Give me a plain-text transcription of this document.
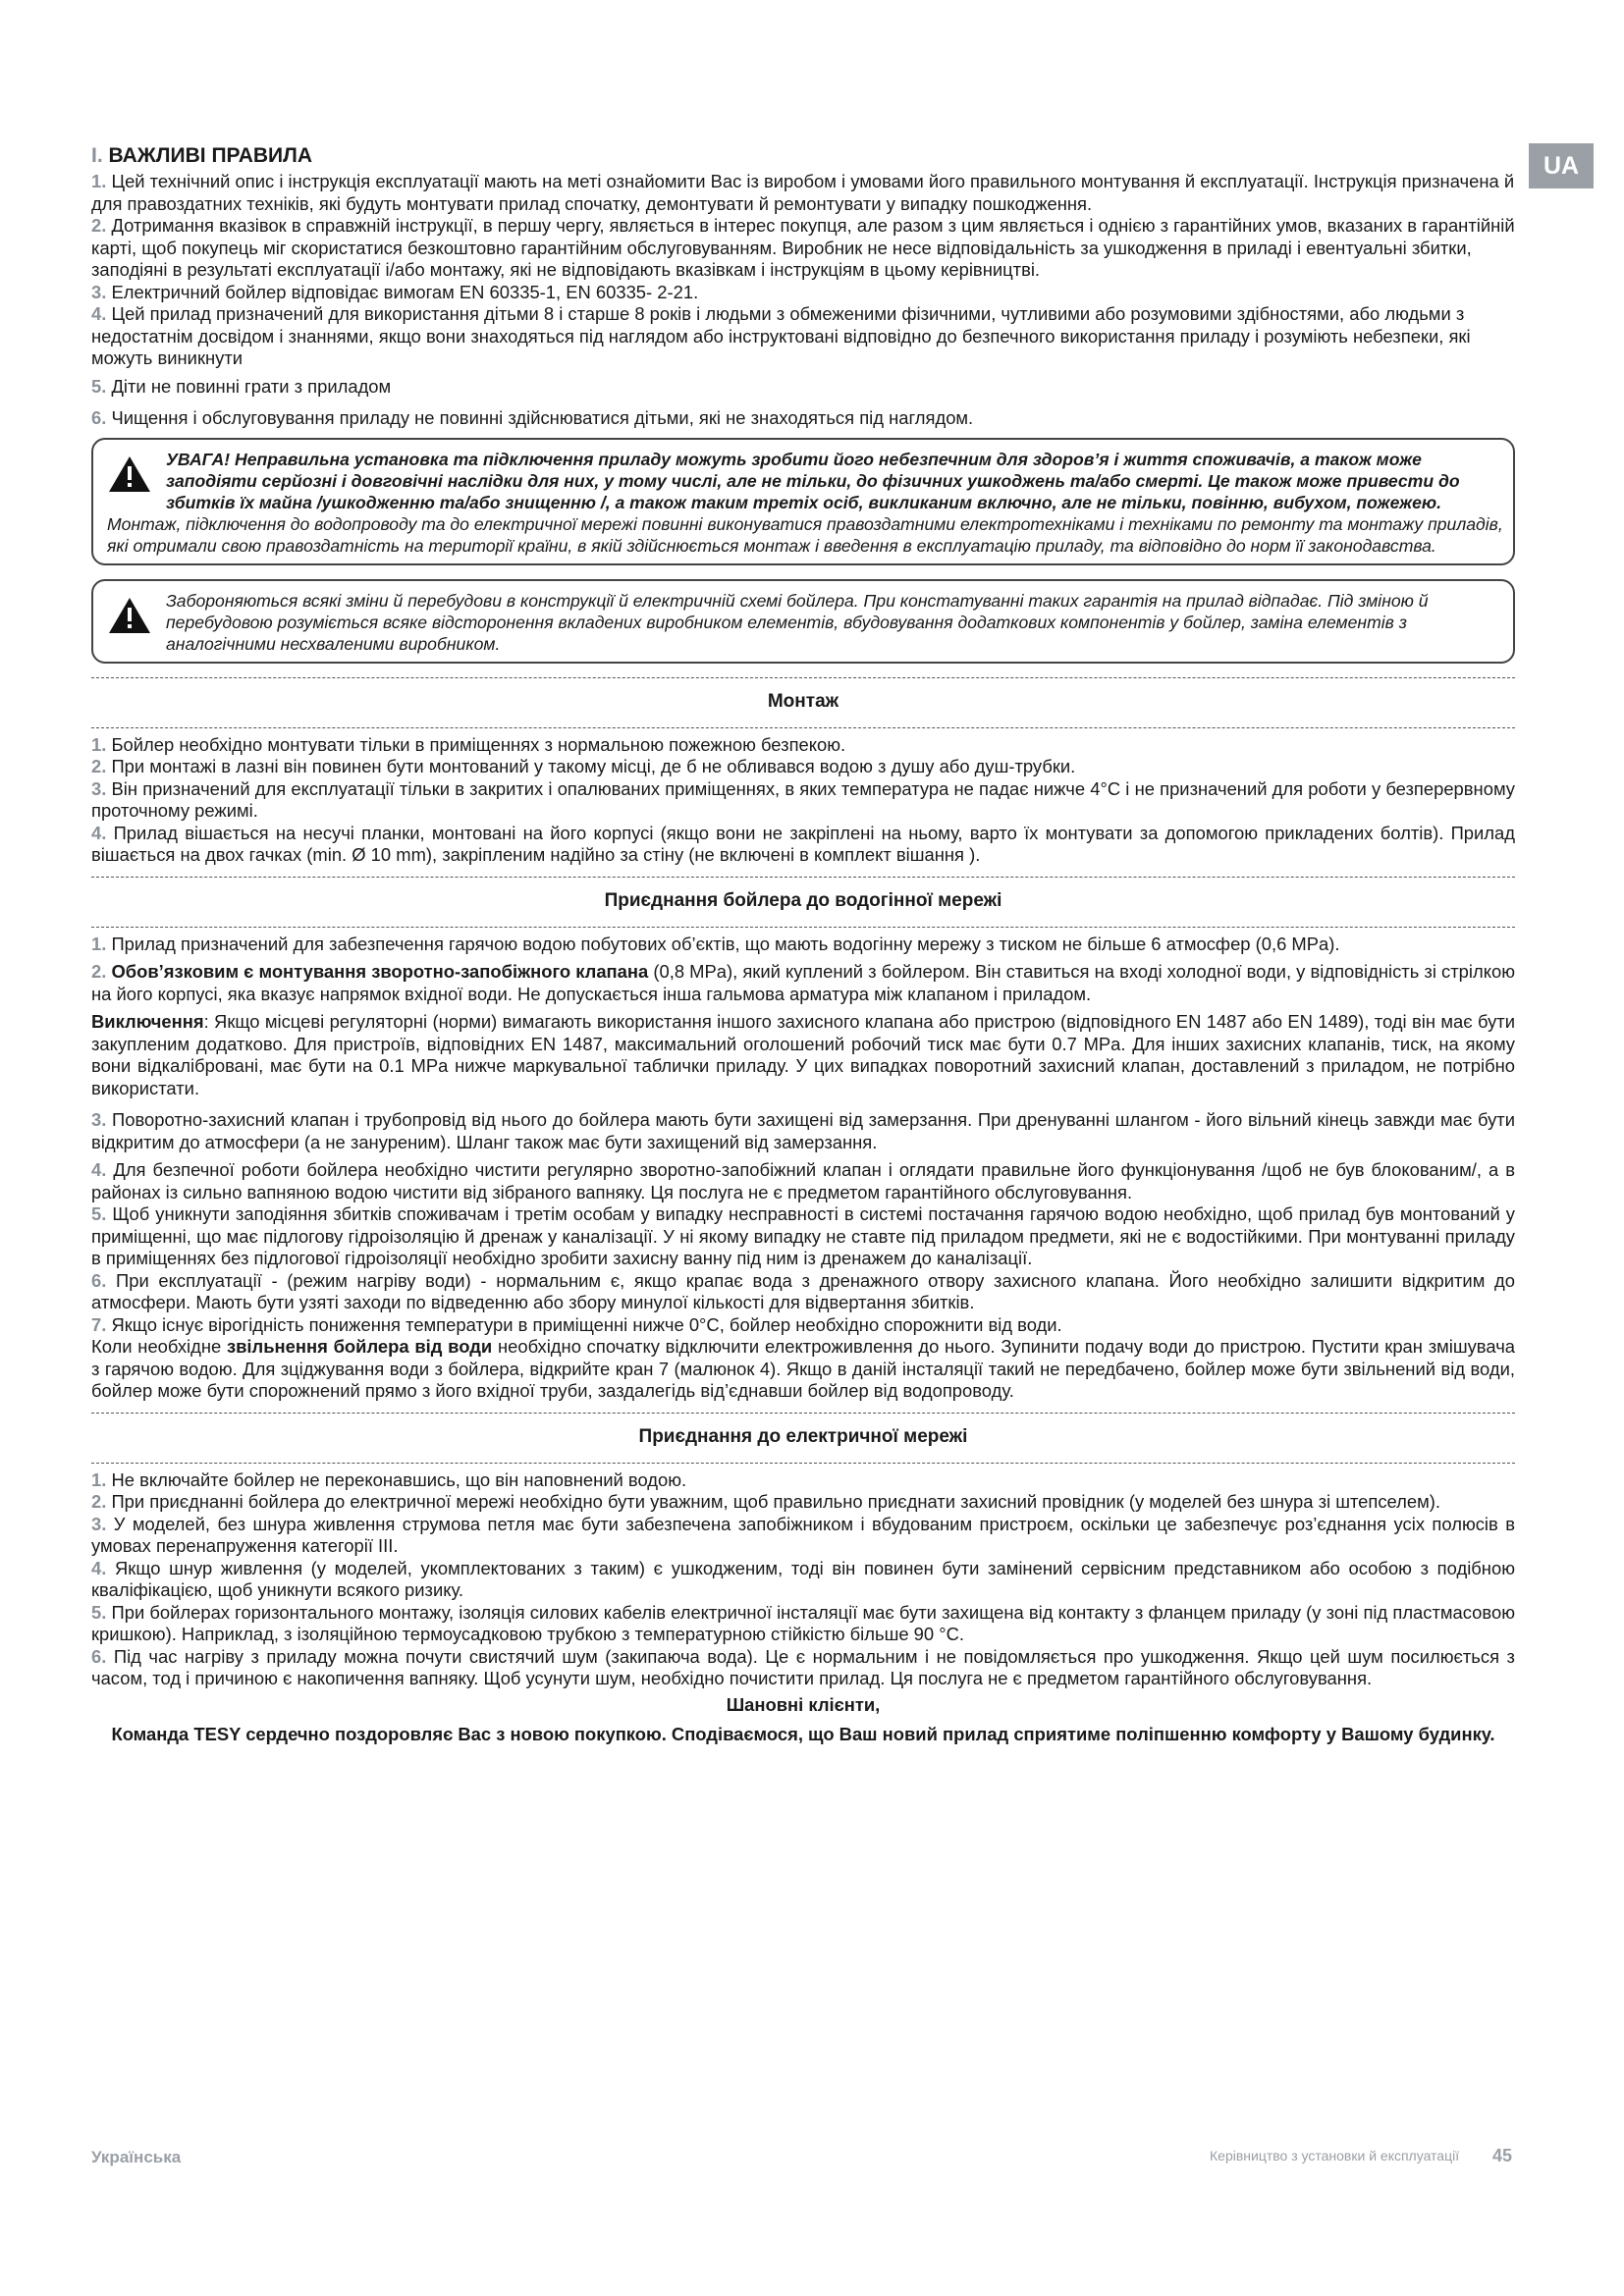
UA

I. ВАЖЛИВІ ПРАВИЛА

1. Цей технічний опис і інструкція експлуатації мають на меті ознайомити Вас із виробом і умовами його правильного монтування й експлуатації. Інструкція призначена й для правоздатних техніків, які будуть монтувати прилад спочатку, демонтувати й ремонтувати у випадку пошкодження.

2. Дотримання вказівок в справжній інструкції, в першу чергу, являється в інтерес покупця, але разом з цим являється і однією з гарантійних умов, вказаних в гарантійній карті, щоб покупець міг скористатися безкоштовно гарантійним обслуговуванням. Виробник не несе відповідальність за ушкодження в приладі і евентуальні збитки, заподіяні в результаті експлуатації і/або монтажу, які не відповідають вказівкам і інструкціям в цьому керівництві.

3. Електричний бойлер відповідає вимогам EN 60335-1, EN 60335- 2-21.

4. Цей прилад призначений для використання дітьми 8 і старше 8 років і людьми з обмеженими фізичними, чутливими або розумовими здібностями, або людьми з недостатнім досвідом і знаннями, якщо вони знаходяться під наглядом або інструктовані відповідно до безпечного використання приладу і розуміють небезпеки, які можуть виникнути

5. Діти не повинні грати з приладом

6. Чищення і обслуговування приладу не повинні здійснюватися дітьми, які не знаходяться під наглядом.

УВАГА! Неправильна установка та підключення приладу можуть зробити його небезпечним для здоров’я і життя споживачів, а також може заподіяти серйозні і довговічні наслідки для них, у тому числі, але не тільки, до фізичних ушкоджень та/або смерті. Це також може привести до збитків їх майна /ушкодженню та/або знищенню /, а також таким третіх осіб, викликаним включно, але не тільки, повінню, вибухом, пожежею. Монтаж, підключення до водопроводу та до електричної мережі повинні виконуватися правоздатними електротехніками і техніками по ремонту та монтажу приладів, які отримали свою правоздатність на території країни, в якій здійснюється монтаж і введення в експлуатацію приладу, та відповідно до норм її законодавства.
Забороняються всякі зміни й перебудови в конструкції й електричній схемі бойлера. При констатуванні таких гарантія на прилад відпадає. Під зміною й перебудовою розуміється всяке відсторонення вкладених виробником елементів, вбудовування додаткових компонентів у бойлер, заміна елементів з аналогічними несхваленими виробником.

Монтаж

1. Бойлер необхідно монтувати тільки в приміщеннях з нормальною пожежною безпекою.

2. При монтажі в лазні він повинен бути монтований у такому місці, де б не обливався водою з душу або душ-трубки.

3. Він призначений для експлуатації тільки в закритих і опалюваних приміщеннях, в яких температура не падає нижче 4°С і не призначений для роботи у безперервному проточному режимі.

4. Прилад вішається на несучі планки, монтовані на його корпусі (якщо вони не закріплені на ньому, варто їх монтувати за допомогою прикладених болтів). Прилад вішається на двох гачках (min. Ø 10 mm), закріпленим надійно за стіну (не включені в комплект вішання ).

Приєднання бойлера до водогінної мережі

1. Прилад призначений для забезпечення гарячою водою побутових об’єктів, що мають водогінну мережу з тиском не більше 6 атмосфер (0,6 MPa).

2. Обов’язковим є монтування зворотно-запобіжного клапана (0,8 MPa), який куплений з бойлером. Він ставиться на вході холодної води, у відповідність зі стрілкою на його корпусі, яка вказує напрямок вхідної води. Не допускається інша гальмова арматура між клапаном і приладом.

Виключення: Якщо місцеві регуляторні (норми) вимагають використання іншого захисного клапана або пристрою (відповідного EN 1487 або EN 1489), тоді він має бути закупленим додатково. Для пристроїв, відповідних EN 1487, максимальний оголошений робочий тиск має бути 0.7 MPa. Для інших захисних клапанів, тиск, на якому вони відкалібровані, має бути на 0.1 MPa нижче маркувальної таблички приладу. У цих випадках поворотний захисний клапан, доставлений з приладом, не потрібно використати.

3. Поворотно-захисний клапан і трубопровід від нього до бойлера мають бути захищені від замерзання. При дренуванні шлангом - його вільний кінець завжди має бути відкритим до атмосфери (а не зануреним). Шланг також має бути захищений від замерзання.

4. Для безпечної роботи бойлера необхідно чистити регулярно зворотно-запобіжний клапан і оглядати правильне його функціонування /щоб не був блокованим/, а в районах із сильно вапняною водою чистити від зібраного вапняку. Ця послуга не є предметом гарантійного обслуговування.

5. Щоб уникнути заподіяння збитків споживачам і третім особам у випадку несправності в системі постачання гарячою водою необхідно, щоб прилад був монтований у приміщенні, що має підлогову гідроізоляцію й дренаж у каналізації. У ні якому випадку не ставте під приладом предмети, які не є водостійкими. При монтуванні приладу в приміщеннях без підлогової гідроізоляції необхідно зробити захисну ванну під ним із дренажем до каналізації.

6. При експлуатації - (режим нагріву води) - нормальним є, якщо крапає вода з дренажного отвору захисного клапана. Його необхідно залишити відкритим до атмосфери. Мають бути узяті заходи по відведенню або збору минулої кількості для відвертання збитків.

7. Якщо існує вірогідність пониження температури в приміщенні нижче 0°C, бойлер необхідно спорожнити від води.

Коли необхідне звільнення бойлера від води необхідно спочатку відключити електроживлення до нього. Зупинити подачу води до пристрою. Пустити кран змішувача з гарячою водою. Для зціджування води з бойлера, відкрийте кран 7 (малюнок 4). Якщо в даній інсталяції такий не передбачено, бойлер може бути звільнений від води, бойлер може бути спорожнений прямо з його вхідної труби, заздалегідь від’єднавши бойлер від водопроводу.

Приєднання до електричної мережі

1. Не включайте бойлер не переконавшись, що він наповнений водою.

2. При приєднанні бойлера до електричної мережі необхідно бути уважним, щоб правильно приєднати захисний провідник (у моделей без шнура зі штепселем).

3. У моделей, без шнура живлення струмова петля має бути забезпечена запобіжником і вбудованим пристроєм, оскільки це забезпечує роз’єднання усіх полюсів в умовах перенапруження категорії III.

4. Якщо шнур живлення (у моделей, укомплектованих з таким) є ушкодженим, тоді він повинен бути замінений сервісним представником або особою з подібною кваліфікацією, щоб уникнути всякого ризику.

5. При бойлерах горизонтального монтажу, ізоляція силових кабелів електричної інсталяції має бути захищена від контакту з фланцем приладу (у зоні під пластмасовою кришкою). Наприклад, з ізоляційною термоусадковою трубкою з температурною стійкістю більше 90 °С.

6. Під час нагріву з приладу можна почути свистячий шум (закипаюча вода). Це є нормальним і не повідомляється про ушкодження. Якщо цей шум посилюється з часом, тод і причиною є накопичення вапняку. Щоб усунути шум, необхідно почистити прилад. Ця послуга не є предметом гарантійного обслуговування.

Шановні клієнти,

Команда TESY сердечно поздоровляє Вас з новою покупкою. Сподіваємося, що Ваш новий прилад сприятиме поліпшенню комфорту у Вашому будинку.

Українська	Керівництво з установки й експлуатації 45
